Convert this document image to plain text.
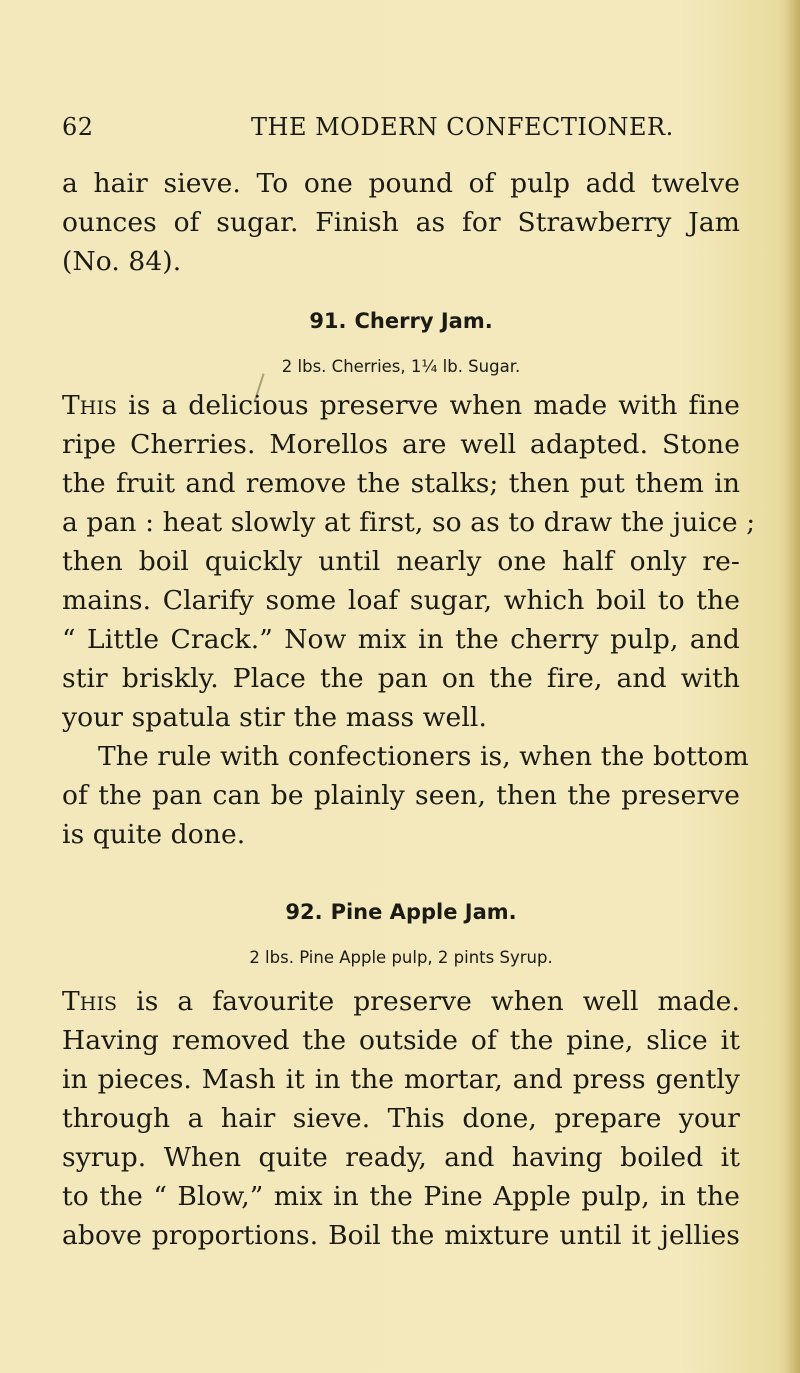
62	THE MODERN CONFECTIONER.
a hair sieve. To one pound of pulp add twelve
ounces of sugar. Finish as for Strawberry Jam
(No. 84).
91. Cherry Jam.
2 lbs. Cherries, 1¼ lb. Sugar.
This is a delicious preserve when made with fine
ripe Cherries. Morellos are well adapted. Stone
the fruit and remove the stalks; then put them in
a pan : heat slowly at first, so as to draw the juice ;
then boil quickly until nearly one half only re-
mains. Clarify some loaf sugar, which boil to the
“ Little Crack.” Now mix in the cherry pulp, and
stir briskly. Place the pan on the fire, and with
your spatula stir the mass well.
The rule with confectioners is, when the bottom
of the pan can be plainly seen, then the preserve
is quite done.
92. Pine Apple Jam.
2 lbs. Pine Apple pulp, 2 pints Syrup.
This is a favourite preserve when well made.
Having removed the outside of the pine, slice it
in pieces. Mash it in the mortar, and press gently
through a hair sieve. This done, prepare your
syrup. When quite ready, and having boiled it
to the “ Blow,” mix in the Pine Apple pulp, in the
above proportions. Boil the mixture until it jellies
